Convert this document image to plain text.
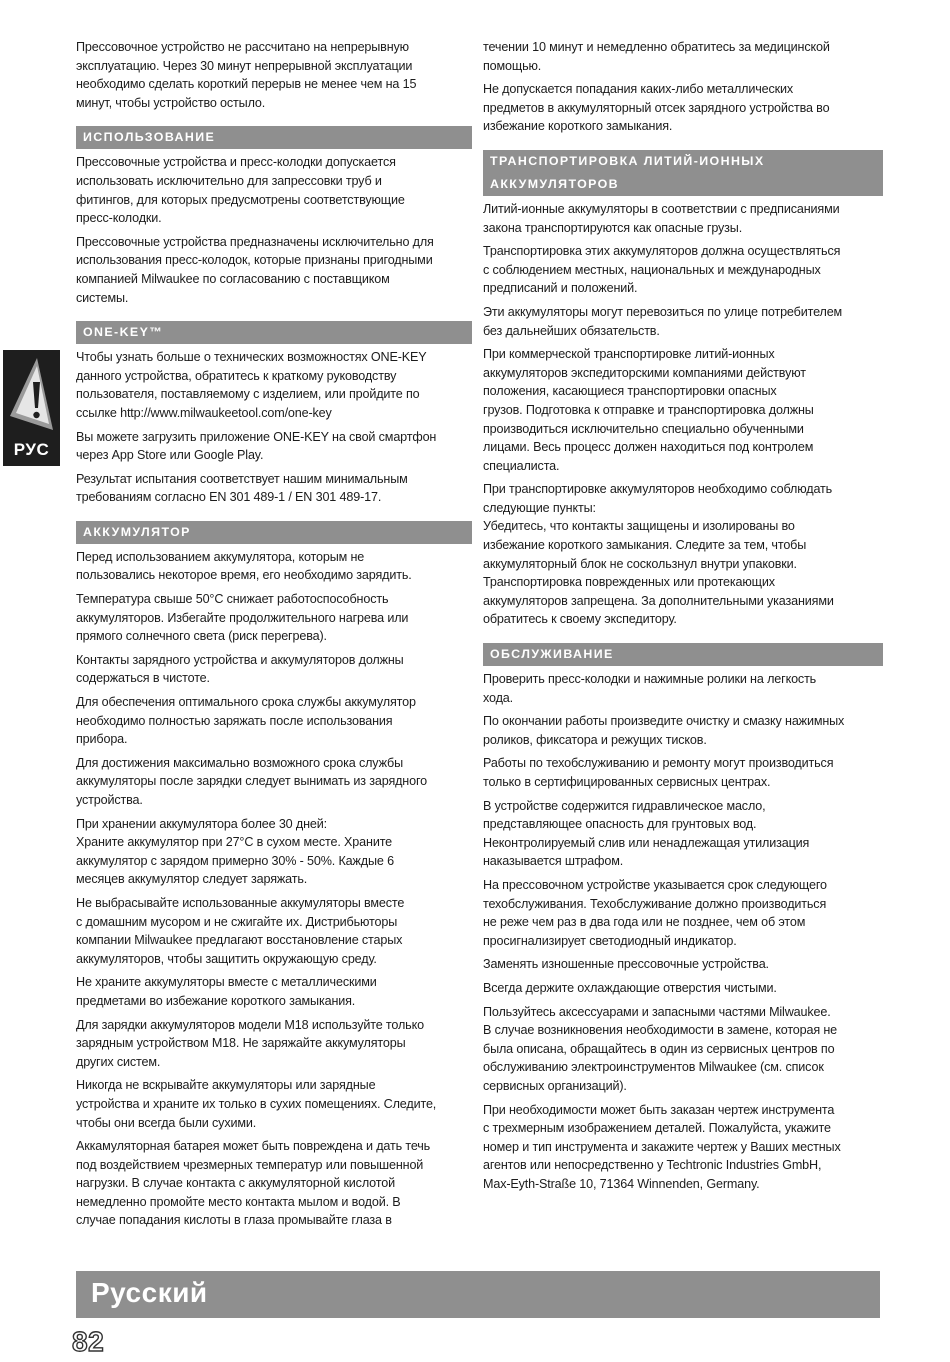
Прессовочное устройство не рассчитано на непрерывную
эксплуатацию. Через 30 минут непрерывной эксплуатации
необходимо сделать короткий перерыв не менее чем на 15
минут, чтобы устройство остыло.

ИСПОЛЬЗОВАНИЕ

Прессовочные устройства и пресс-колодки допускается
использовать исключительно для запрессовки труб и
фитингов, для которых предусмотрены соответствующие
пресс-колодки.

Прессовочные устройства предназначены исключительно для
использования пресс-колодок, которые признаны пригодными
компанией Milwaukee по согласованию с поставщиком
системы.

ONE-KEY™

Чтобы узнать больше о технических возможностях ONE-KEY
данного устройства, обратитесь к краткому руководству
пользователя, поставляемому с изделием, или пройдите по
ссылке http://www.milwaukeetool.com/one-key

Вы можете загрузить приложение ONE-KEY на свой смартфон
через App Store или Google Play.

Результат испытания соответствует нашим минимальным
требованиям согласно EN 301 489-1 / EN 301 489-17.

АККУМУЛЯТОР

Перед использованием аккумулятора, которым не
пользовались некоторое время, его необходимо зарядить.

Температура свыше 50°C снижает работоспособность
аккумуляторов. Избегайте продолжительного нагрева или
прямого солнечного света (риск перегрева).

Контакты зарядного устройства и аккумуляторов должны
содержаться в чистоте.

Для обеспечения оптимального срока службы аккумулятор
необходимо полностью заряжать после использования
прибора.

Для достижения максимально возможного срока службы
аккумуляторы после зарядки следует вынимать из зарядного
устройства.

При хранении аккумулятора более 30 дней:
Храните аккумулятор при 27°C в сухом месте. Храните
аккумулятор с зарядом примерно 30% - 50%. Каждые 6
месяцев аккумулятор следует заряжать.

Не выбрасывайте использованные аккумуляторы вместе
с домашним мусором и не сжигайте их. Дистрибьюторы
компании Milwaukee предлагают восстановление старых
аккумуляторов, чтобы защитить окружающую среду.

Не храните аккумуляторы вместе с металлическими
предметами во избежание короткого замыкания.

Для зарядки аккумуляторов модели M18 используйте только
зарядным устройством M18. Не заряжайте аккумуляторы
других систем.

Никогда не вскрывайте аккумуляторы или зарядные
устройства и храните их только в сухих помещениях. Следите,
чтобы они всегда были сухими.

Аккамуляторная батарея может быть повреждена и дать течь
под воздействием чрезмерных температур или повышенной
нагрузки. В случае контакта с аккумуляторной кислотой
немедленно промойте место контакта мылом и водой. В
случае попадания кислоты в глаза промывайте глаза в

течении 10 минут и немедленно обратитесь за медицинской
помощью.

Не допускается попадания каких-либо металлических
предметов в аккумуляторный отсек зарядного устройства во
избежание короткого замыкания.

ТРАНСПОРТИРОВКА ЛИТИЙ-ИОННЫХ
АККУМУЛЯТОРОВ

Литий-ионные аккумуляторы в соответствии с предписаниями
закона транспортируются как опасные грузы.

Транспортировка этих аккумуляторов должна осуществляться
с соблюдением местных, национальных и международных
предписаний и положений.

Эти аккумуляторы могут перевозиться по улице потребителем
без дальнейших обязательств.

При коммерческой транспортировке литий-ионных
аккумуляторов экспедиторскими компаниями действуют
положения, касающиеся транспортировки опасных
грузов. Подготовка к отправке и транспортировка должны
производиться исключительно специально обученными
лицами. Весь процесс должен находиться под контролем
специалиста.

При транспортировке аккумуляторов необходимо соблюдать
следующие пункты:
Убедитесь, что контакты защищены и изолированы во
избежание короткого замыкания. Следите за тем, чтобы
аккумуляторный блок не соскользнул внутри упаковки.
Транспортировка поврежденных или протекающих
аккумуляторов запрещена. За дополнительными указаниями
обратитесь к своему экспедитору.

ОБСЛУЖИВАНИЕ

Проверить пресс-колодки и нажимные ролики на легкость
хода.

По окончании работы произведите очистку и смазку нажимных
роликов, фиксатора и режущих тисков.

Работы по техобслуживанию и ремонту могут производиться
только в сертифицированных сервисных центрах.

В устройстве содержится гидравлическое масло,
представляющее опасность для грунтовых вод.
Неконтролируемый слив или ненадлежащая утилизация
наказывается штрафом.

На прессовочном устройстве указывается срок следующего
техобслуживания. Техобслуживание должно производиться
не реже чем раз в два года или не позднее, чем об этом
просигнализирует светодиодный индикатор.

Заменять изношенные прессовочные устройства.

Всегда держите охлаждающие отверстия чистыми.

Пользуйтесь аксессуарами и запасными частями Milwaukee.
В случае возникновения необходимости в замене, которая не
была описана, обращайтесь в один из сервисных центров по
обслуживанию электроинструментов Milwaukee (см. список
сервисных организаций).

При необходимости может быть заказан чертеж инструмента
с трехмерным изображением деталей. Пожалуйста, укажите
номер и тип инструмента и закажите чертеж у Ваших местных
агентов или непосредственно у Techtronic Industries GmbH,
Max-Eyth-Straße 10, 71364 Winnenden, Germany.

РУС
Русский
82
